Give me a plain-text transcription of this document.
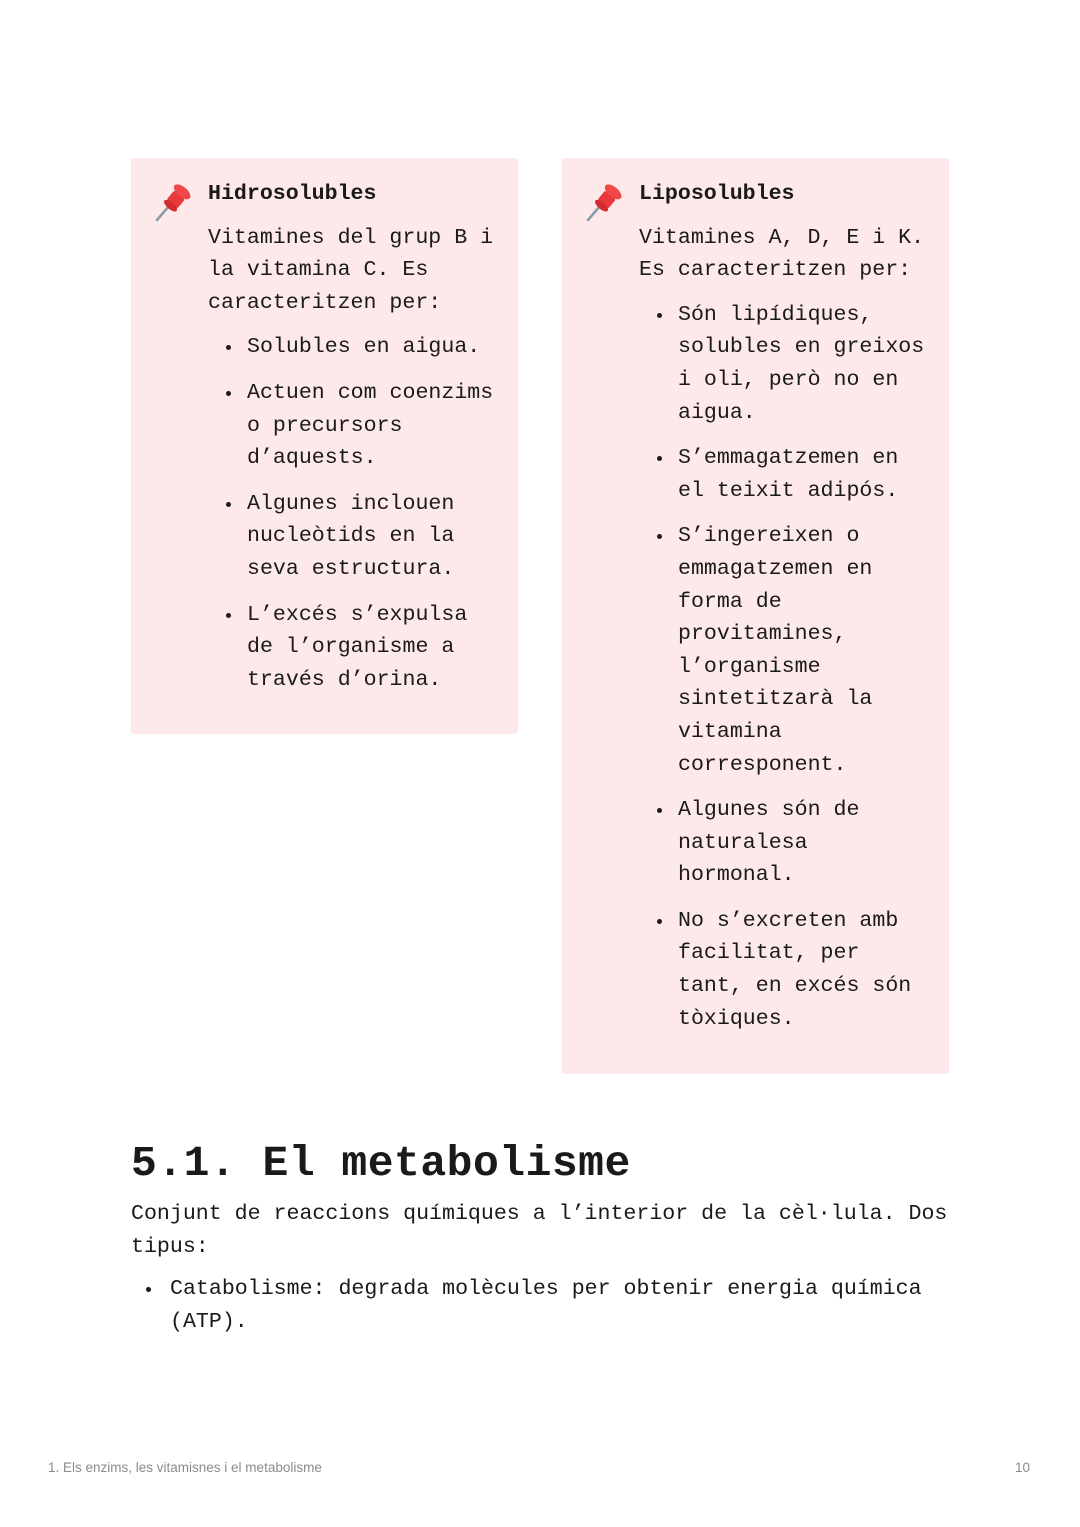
Hidrosolubles
Vitamines del grup B i la vitamina C. Es caracteritzen per:
Solubles en aigua.
Actuen com coenzims o precursors d’aquests.
Algunes inclouen nucleòtids en la seva estructura.
L’excés s’expulsa de l’organisme a través d’orina.
Liposolubles
Vitamines A, D, E i K. Es caracteritzen per:
Són lipídiques, solubles en greixos i oli, però no en aigua.
S’emmagatzemen en el teixit adipós.
S’ingereixen o emmagatzemen en forma de provitamines, l’organisme sintetitzarà la vitamina corresponent.
Algunes són de naturalesa hormonal.
No s’excreten amb facilitat, per tant, en excés són tòxiques.
5.1. El metabolisme

Conjunt de reaccions químiques a l’interior de la cèl·lula. Dos tipus:

Catabolisme: degrada molècules per obtenir energia química (ATP).
1. Els enzims, les vitamisnes i el metabolisme	10
